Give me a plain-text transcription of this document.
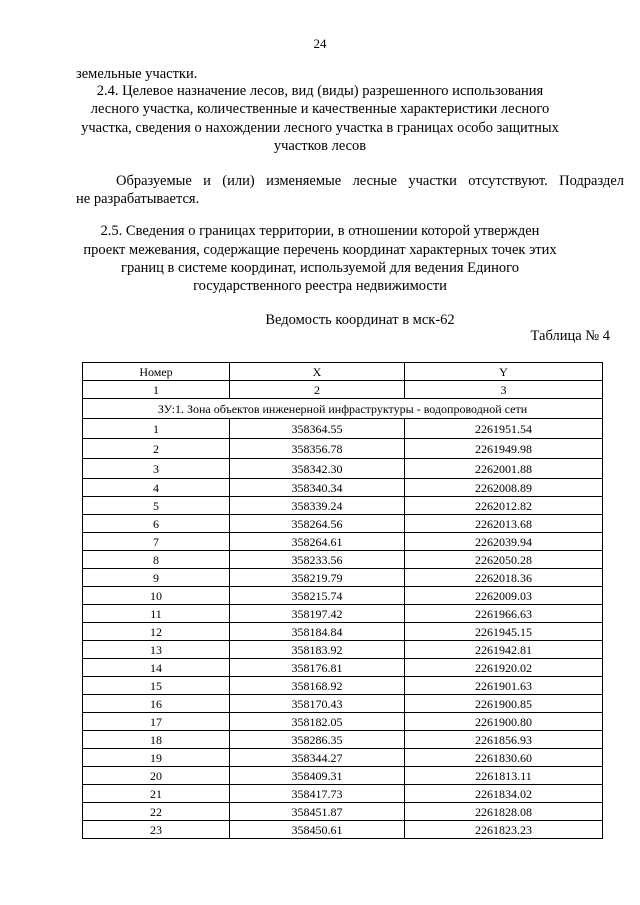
24
земельные участки.
2.4. Целевое назначение лесов, вид (виды) разрешенного использования
лесного участка, количественные и качественные характеристики лесного
участка, сведения о нахождении лесного участка в границах особо защитных
участков лесов
Образуемые и (или) изменяемые лесные участки отсутствуют. Подраздел
не разрабатывается.
2.5. Сведения о границах территории, в отношении которой утвержден
проект межевания, содержащие перечень координат характерных точек этих
границ в системе координат, используемой для ведения Единого
государственного реестра недвижимости
Ведомость координат в мск-62
Таблица № 4
Номер	X	Y
1	2	3
ЗУ:1. Зона объектов инженерной инфраструктуры - водопроводной сети		
1	358364.55	2261951.54
2	358356.78	2261949.98
3	358342.30	2262001.88
4	358340.34	2262008.89
5	358339.24	2262012.82
6	358264.56	2262013.68
7	358264.61	2262039.94
8	358233.56	2262050.28
9	358219.79	2262018.36
10	358215.74	2262009.03
11	358197.42	2261966.63
12	358184.84	2261945.15
13	358183.92	2261942.81
14	358176.81	2261920.02
15	358168.92	2261901.63
16	358170.43	2261900.85
17	358182.05	2261900.80
18	358286.35	2261856.93
19	358344.27	2261830.60
20	358409.31	2261813.11
21	358417.73	2261834.02
22	358451.87	2261828.08
23	358450.61	2261823.23
